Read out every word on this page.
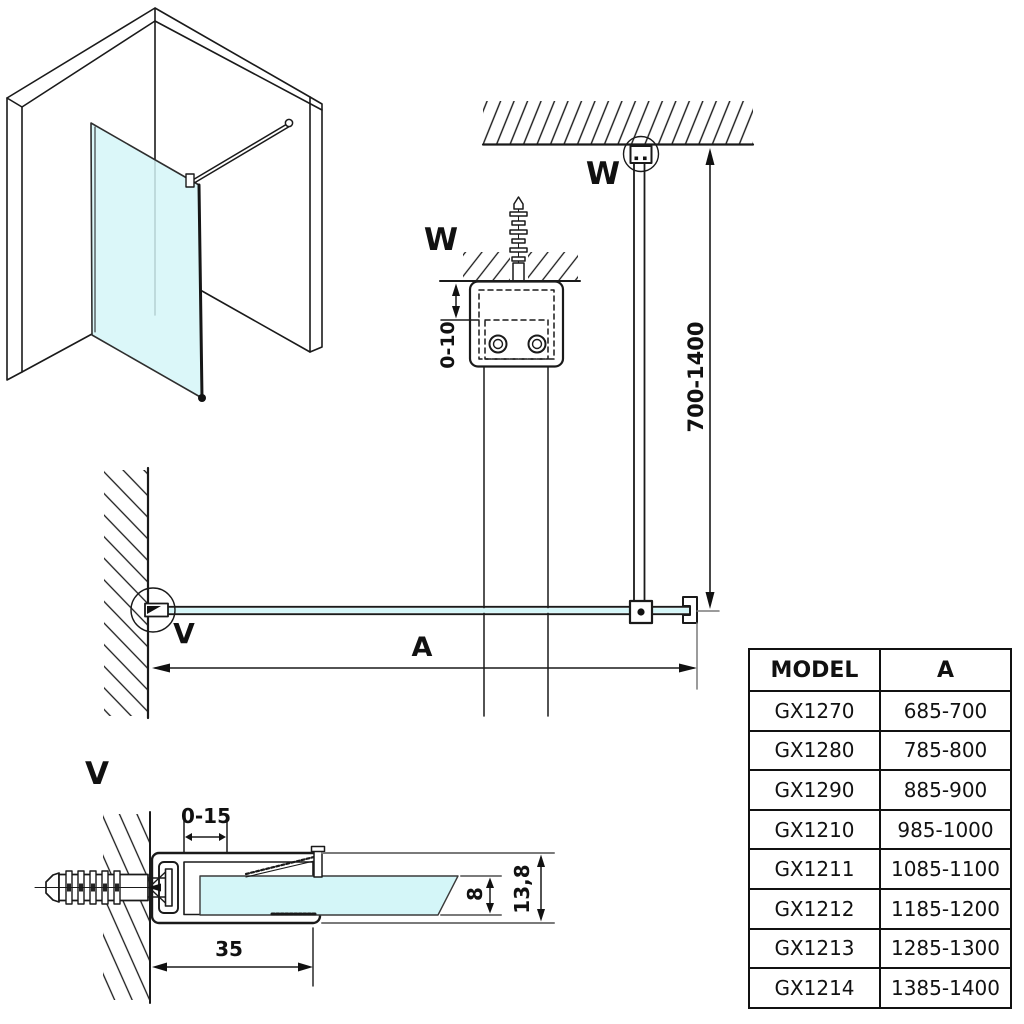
W
W
V
V
A
700-1400
0-10
0-15
35
8 13,8
MODEL	A
GX1270	685-700
GX1280	785-800
GX1290	885-900
GX1210	985-1000
GX1211	1085-1100
GX1212	1185-1200
GX1213	1285-1300
GX1214	1385-1400
